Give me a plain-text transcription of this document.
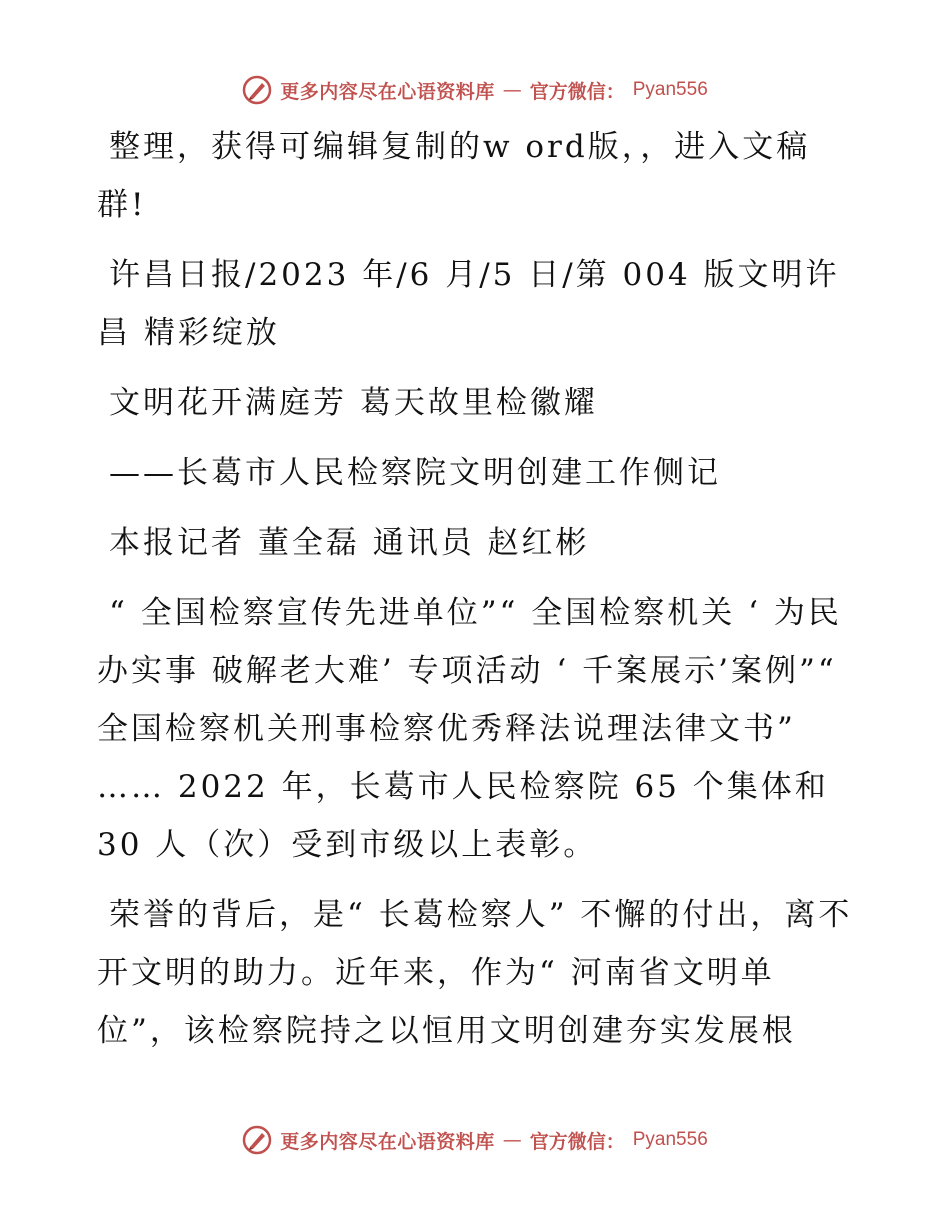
更多内容尽在心语资料库 — 官方微信： Pyan556

整理，获得可编辑复制的w ord版，，进入文稿群!

许昌日报/2023 年/6 月/5 日/第 004 版文明许昌 精彩绽放

文明花开满庭芳 葛天故里检徽耀

——长葛市人民检察院文明创建工作侧记

本报记者 董全磊 通讯员 赵红彬

“ 全国检察宣传先进单位”“ 全国检察机关 ‘ 为民办实事 破解老大难’ 专项活动 ‘ 千案展示’案例”“ 全国检察机关刑事检察优秀释法说理法律文书” …… 2022 年，长葛市人民检察院 65 个集体和 30 人（次）受到市级以上表彰。

荣誉的背后，是“ 长葛检察人” 不懈的付出，离不开文明的助力。近年来，作为“ 河南省文明单位”，该检察院持之以恒用文明创建夯实发展根

更多内容尽在心语资料库 — 官方微信： Pyan556
